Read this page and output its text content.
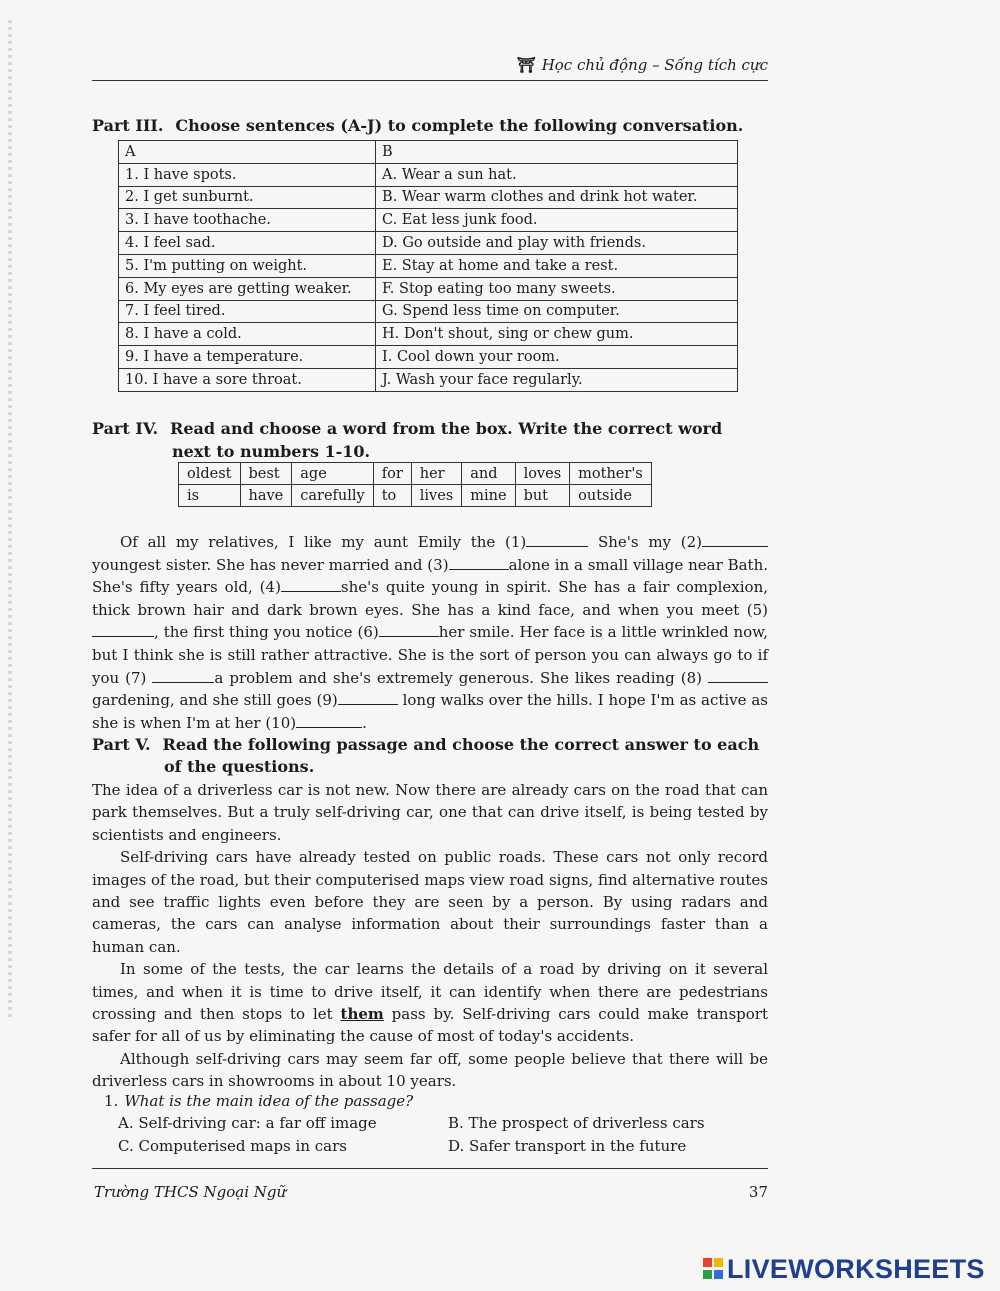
⛩ Học chủ động – Sống tích cực
Part III. Choose sentences (A-J) to complete the following conversation.
A	B
1. I have spots.	A. Wear a sun hat.
2. I get sunburnt.	B. Wear warm clothes and drink hot water.
3. I have toothache.	C. Eat less junk food.
4. I feel sad.	D. Go outside and play with friends.
5. I'm putting on weight.	E. Stay at home and take a rest.
6. My eyes are getting weaker.	F. Stop eating too many sweets.
7. I feel tired.	G. Spend less time on computer.
8. I have a cold.	H. Don't shout, sing or chew gum.
9. I have a temperature.	I. Cool down your room.
10. I have a sore throat.	J. Wash your face regularly.
Part IV. Read and choose a word from the box. Write the correct word
next to numbers 1-10.
oldest	best	age	for	her	and	loves	mother's
is	have	carefully	to	lives	mine	but	outside

Of all my relatives, I like my aunt Emily the (1)	She's my (2)youngest sister. She has never married and (3)	alone in a small village near Bath. She's fifty years old, (4)	she's quite young in spirit. She has a fair complexion, thick brown hair and dark brown eyes. She has a kind face, and when you meet (5) , the first thing you notice (6)	her smile. Her face is a little wrinkled now, but I think she is still rather attractive. She is the sort of person you can always go to if you (7)	a problem and she's extremely generous. She likes reading (8) gardening, and she still goes (9)	long walks over the hills. I hope I'm as active as she is when I'm at her (10)	.

Part V. Read the following passage and choose the correct answer to each
of the questions.

The idea of a driverless car is not new. Now there are already cars on the road that can park themselves. But a truly self-driving car, one that can drive itself, is being tested by scientists and engineers.

Self-driving cars have already tested on public roads. These cars not only record images of the road, but their computerised maps view road signs, find alternative routes and see traffic lights even before they are seen by a person. By using radars and cameras, the cars can analyse information about their surroundings faster than a human can.

In some of the tests, the car learns the details of a road by driving on it several times, and when it is time to drive itself, it can identify when there are pedestrians crossing and then stops to let them pass by. Self-driving cars could make transport safer for all of us by eliminating the cause of most of today's accidents.

Although self-driving cars may seem far off, some people believe that there will be driverless cars in showrooms in about 10 years.

1. What is the main idea of the passage?
A. Self-driving car: a far off image	B. The prospect of driverless cars
C. Computerised maps in cars	D. Safer transport in the future
Trường THCS Ngoại Ngữ	37
LIVEWORKSHEETS
